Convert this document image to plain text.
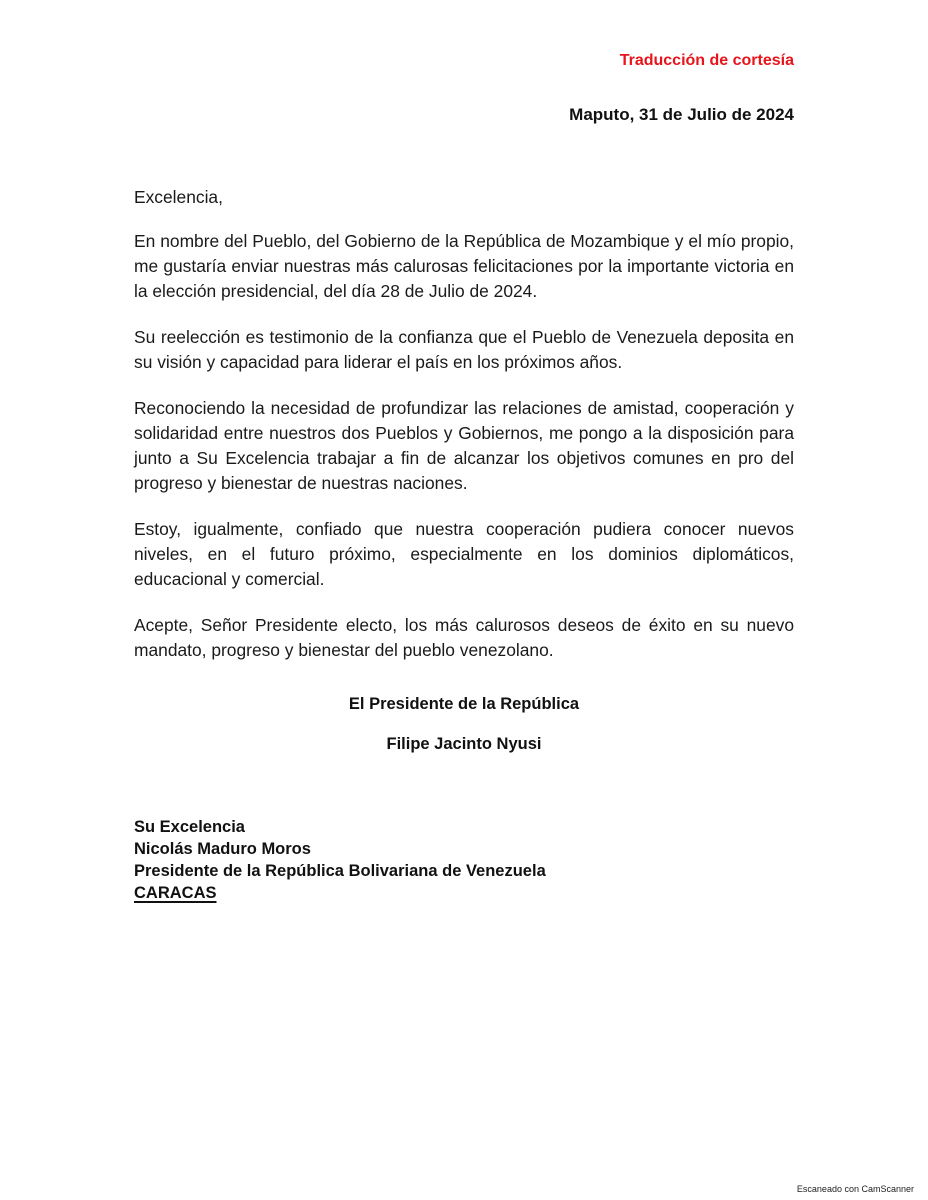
Traducción de cortesía
Maputo, 31 de Julio de 2024

Excelencia,

En nombre del Pueblo, del Gobierno de la República de Mozambique y el mío propio, me gustaría enviar nuestras más calurosas felicitaciones por la importante victoria en la elección presidencial, del día 28 de Julio de 2024.

Su reelección es testimonio de la confianza que el Pueblo de Venezuela deposita en su visión y capacidad para liderar el país en los próximos años.

Reconociendo la necesidad de profundizar las relaciones de amistad, cooperación y solidaridad entre nuestros dos Pueblos y Gobiernos, me pongo a la disposición para junto a Su Excelencia trabajar a fin de alcanzar los objetivos comunes en pro del progreso y bienestar de nuestras naciones.

Estoy, igualmente, confiado que nuestra cooperación pudiera conocer nuevos niveles, en el futuro próximo, especialmente en los dominios diplomáticos, educacional y comercial.

Acepte, Señor Presidente electo, los más calurosos deseos de éxito en su nuevo mandato, progreso y bienestar del pueblo venezolano.

El Presidente de la República
Filipe Jacinto Nyusi
Su Excelencia
Nicolás Maduro Moros
Presidente de la República Bolivariana de Venezuela
CARACAS
Escaneado con CamScanner
